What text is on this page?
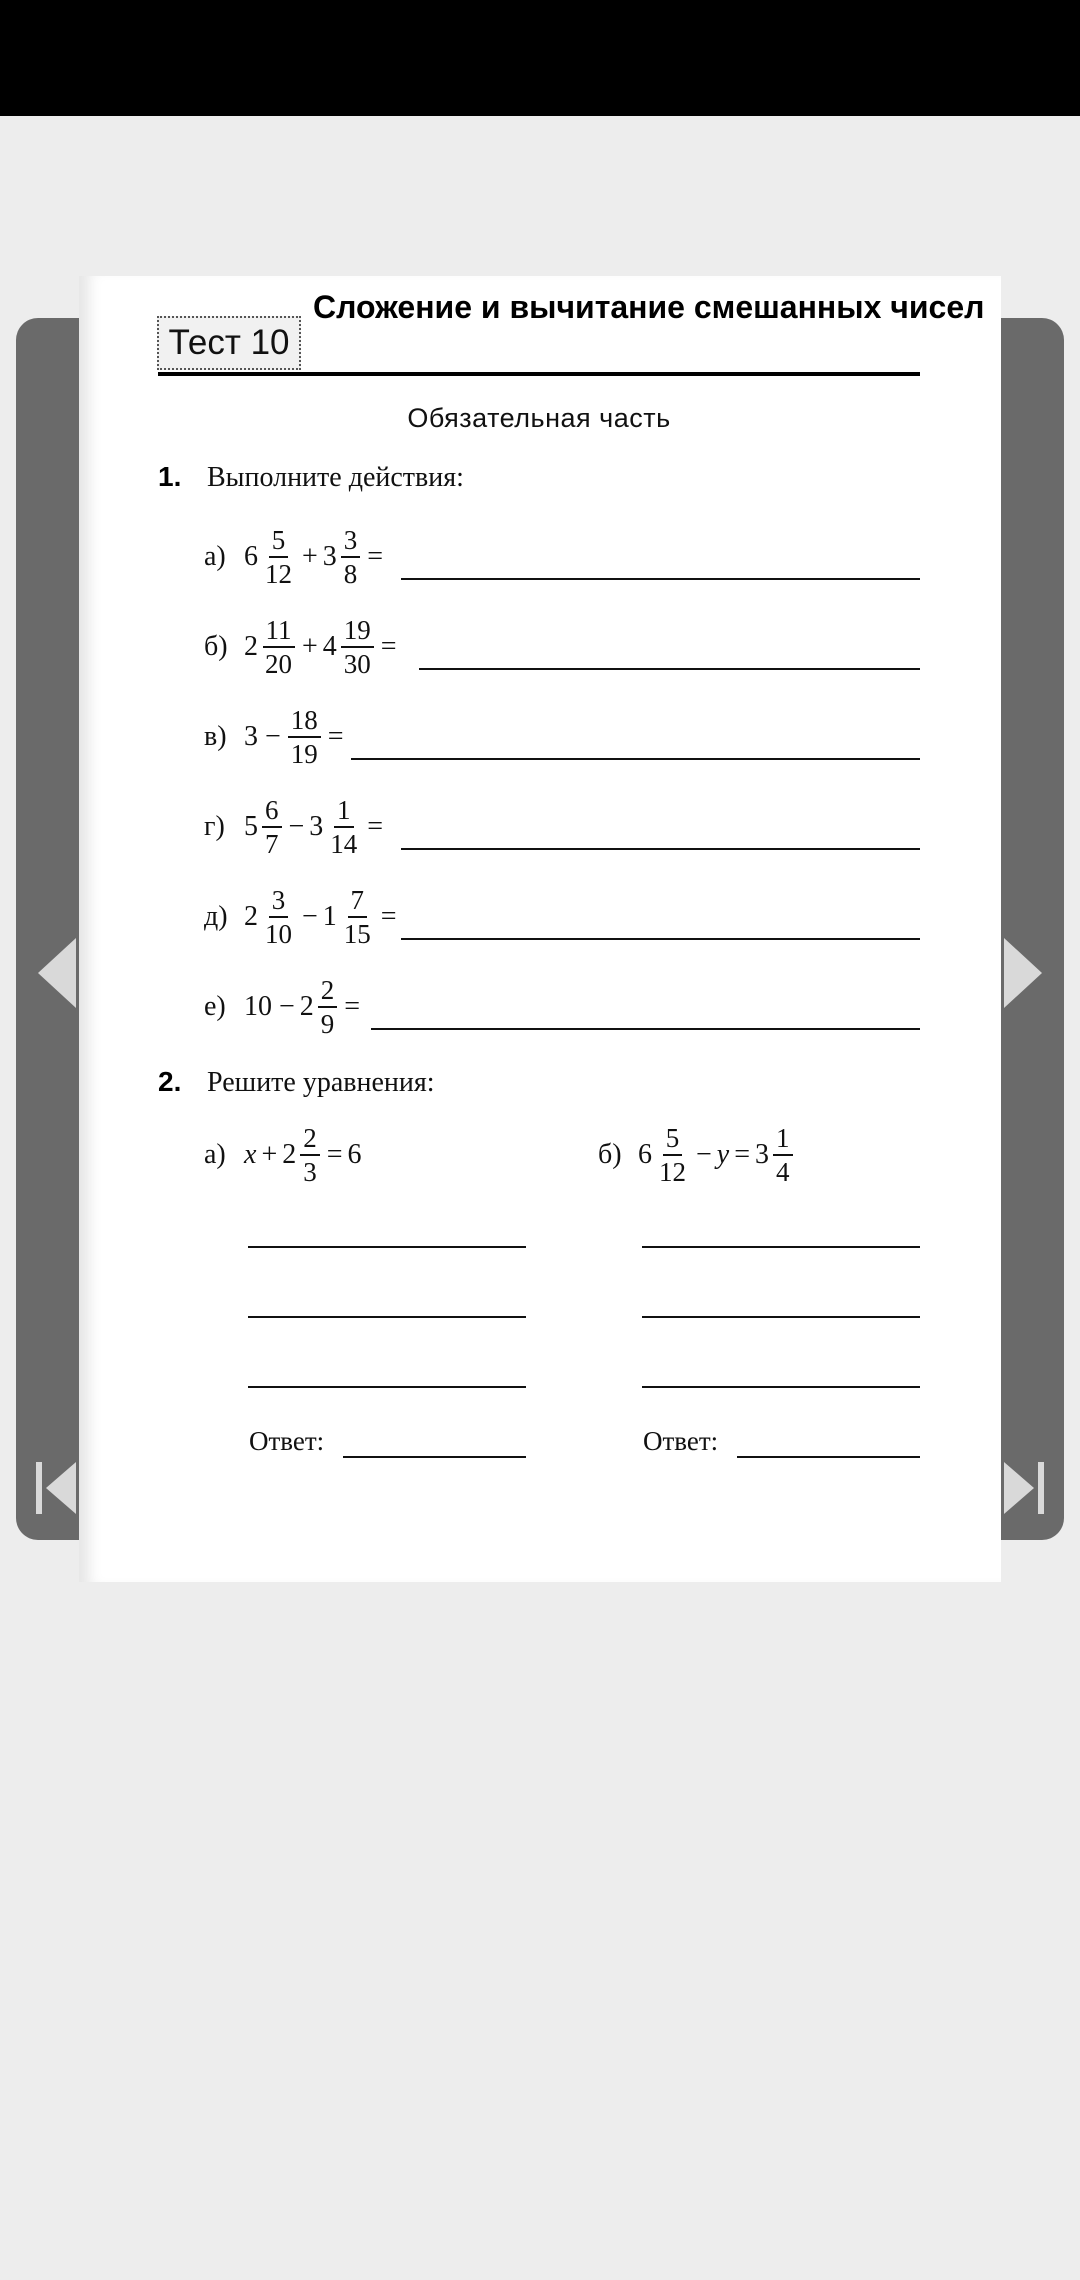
Тест 10
Сложение и вычитание смешанных чисел
Обязательная часть
1. Выполните действия:
а) $6 \frac{5}{12} + 3 \frac{3}{8}$ =
б) $2 \frac{11}{20} + 4 \frac{19}{30}$ =
в) $3 - \frac{18}{19}$ =
г) $5 \frac{6}{7} - 3 \frac{1}{14}$ =
д) $2 \frac{3}{10} - 1 \frac{7}{15}$ =
е) $10 - 2 \frac{2}{9}$ =
2. Решите уравнения:
а) $x + 2 \frac{2}{3} = 6$	б) $6 \frac{5}{12} - y = 3 \frac{1}{4}$
Ответ:	Ответ:
